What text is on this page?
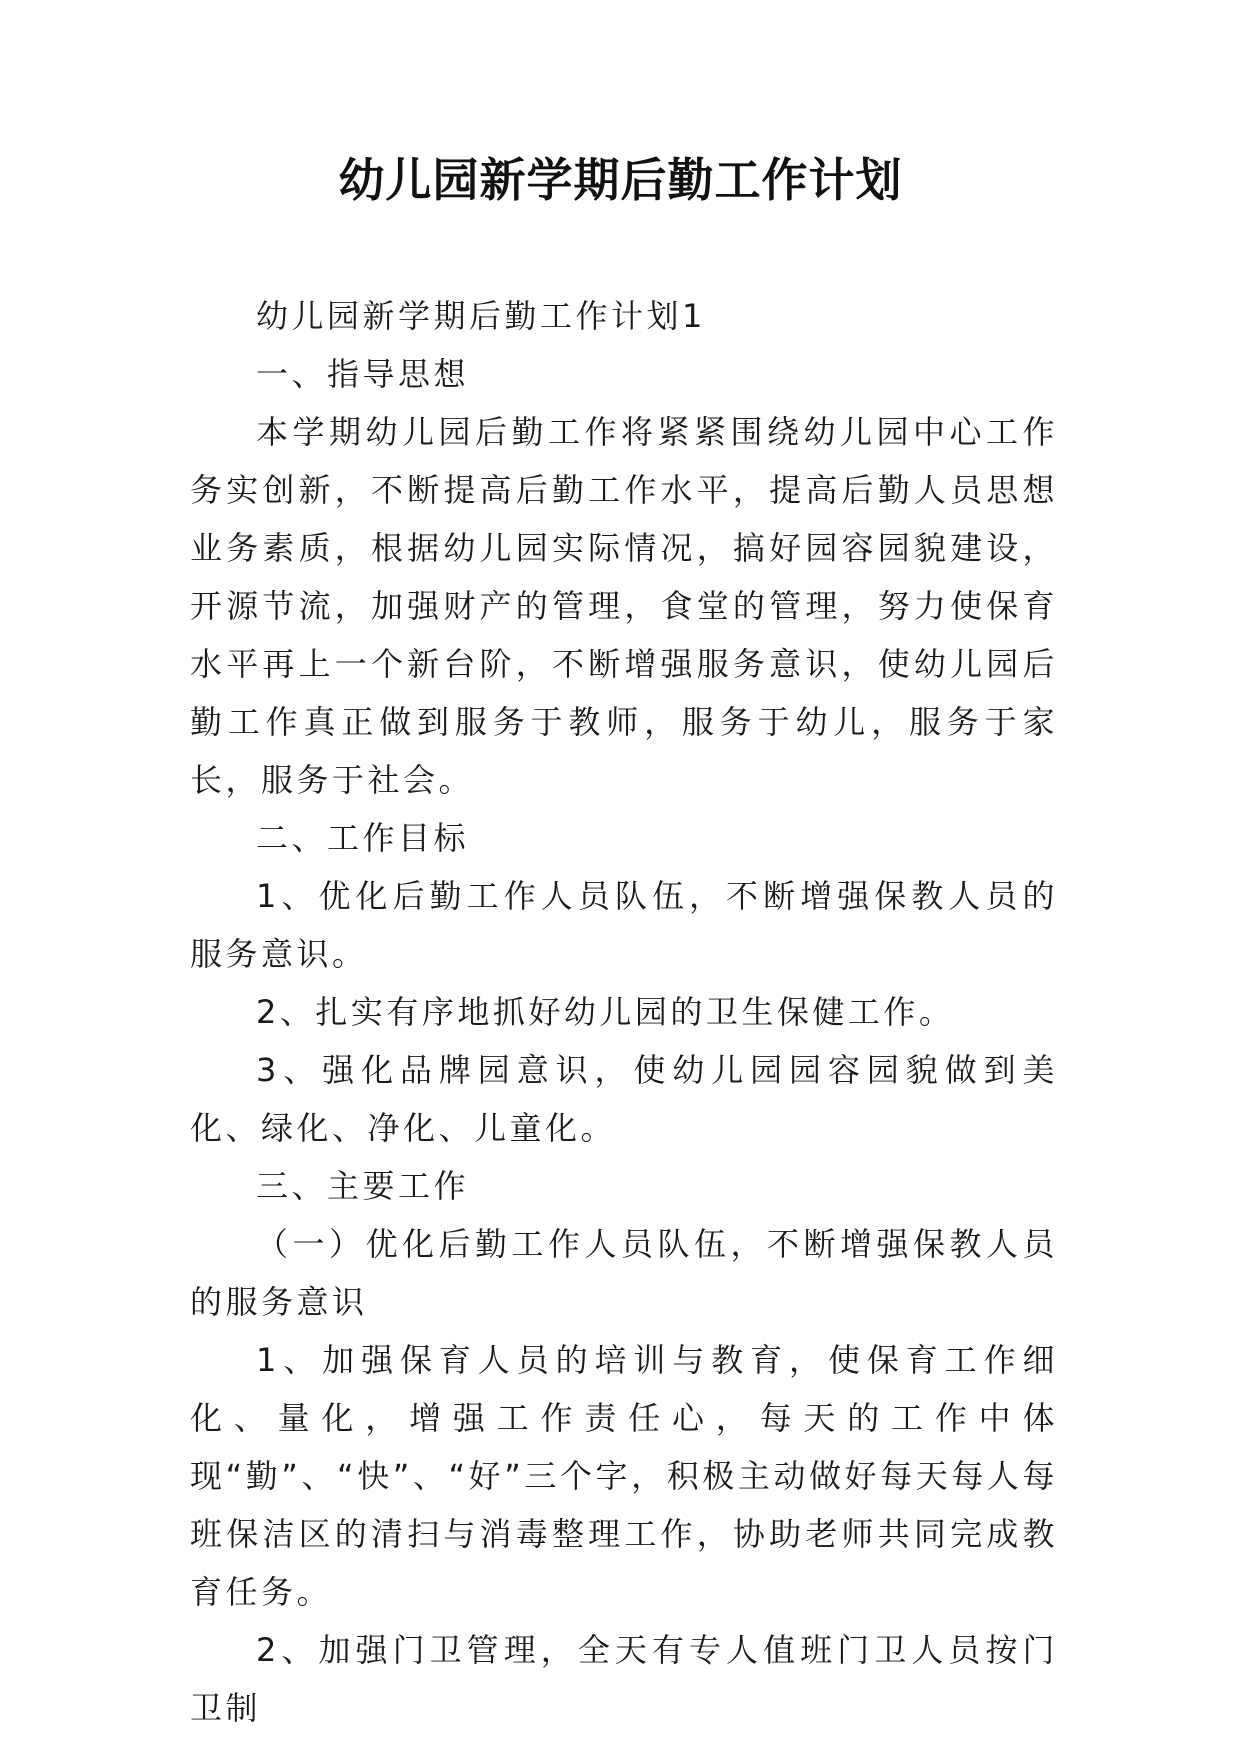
幼儿园新学期后勤工作计划

幼儿园新学期后勤工作计划1

一、指导思想

本学期幼儿园后勤工作将紧紧围绕幼儿园中心工作务实创新，不断提高后勤工作水平，提高后勤人员思想业务素质，根据幼儿园实际情况，搞好园容园貌建设，开源节流，加强财产的管理，食堂的管理，努力使保育水平再上一个新台阶，不断增强服务意识，使幼儿园后勤工作真正做到服务于教师，服务于幼儿，服务于家长，服务于社会。

二、工作目标

1、优化后勤工作人员队伍，不断增强保教人员的服务意识。

2、扎实有序地抓好幼儿园的卫生保健工作。

3、强化品牌园意识，使幼儿园园容园貌做到美化、绿化、净化、儿童化。

三、主要工作

（一）优化后勤工作人员队伍，不断增强保教人员的服务意识

1、加强保育人员的培训与教育，使保育工作细化、量化，增强工作责任心，每天的工作中体现“勤”、“快”、“好”三个字，积极主动做好每天每人每班保洁区的清扫与消毒整理工作，协助老师共同完成教育任务。

2、加强门卫管理，全天有专人值班门卫人员按门卫制
